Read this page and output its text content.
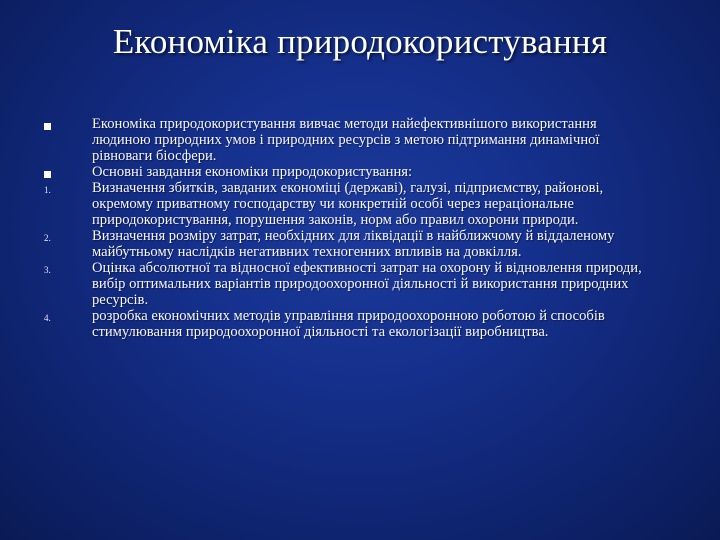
Економіка природокористування
Економіка природокористування вивчає методи найефективнішого використання людиною природних умов і природних ресурсів з метою підтримання динамічної рівноваги біосфери.
Основні завдання економіки природокористування:
1.	Визначення збитків, завданих економіці (державі), галузі, підприємству, районові, окремому приватному господарству чи конкретній особі через нераціональне природокористування, порушення законів, норм або правил охорони природи.
2.	Визначення розміру затрат, необхідних для ліквідації в найближчому й віддаленому майбутньому наслідків негативних техногенних впливів на довкілля.
3.	Оцінка абсолютної та відносної ефективності затрат на охорону й відновлення природи, вибір оптимальних варіантів природоохоронної діяльності й використання природних ресурсів.
4.	розробка економічних методів управління природоохоронною роботою й способів стимулювання природоохоронної діяльності та екологізації виробництва.
